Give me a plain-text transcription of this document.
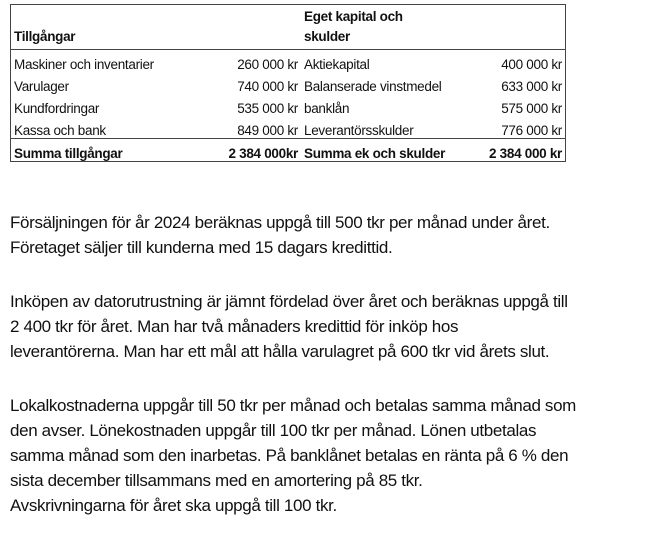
Tillgångar		Eget kapital och
skulder	
Maskiner och inventarier	260 000 kr	Aktiekapital	400 000 kr
Varulager	740 000 kr	Balanserade vinstmedel	633 000 kr
Kundfordringar	535 000 kr	banklån	575 000 kr
Kassa och bank	849 000 kr	Leverantörsskulder	776 000 kr
Summa tillgångar	2 384 000kr	Summa ek och skulder	2 384 000 kr
Försäljningen för år 2024 beräknas uppgå till 500 tkr per månad under året.
Företaget säljer till kunderna med 15 dagars kredittid.
Inköpen av datorutrustning är jämnt fördelad över året och beräknas uppgå till
2 400 tkr för året. Man har två månaders kredittid för inköp hos
leverantörerna. Man har ett mål att hålla varulagret på 600 tkr vid årets slut.
Lokalkostnaderna uppgår till 50 tkr per månad och betalas samma månad som
den avser. Lönekostnaden uppgår till 100 tkr per månad. Lönen utbetalas
samma månad som den inarbetas. På banklånet betalas en ränta på 6 % den
sista december tillsammans med en amortering på 85 tkr.
Avskrivningarna för året ska uppgå till 100 tkr.
